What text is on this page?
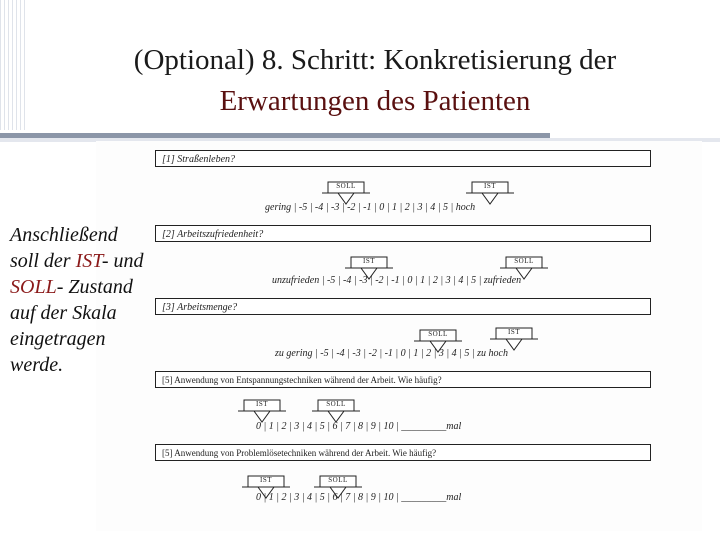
(Optional) 8. Schritt: Konkretisierung der
Erwartungen des Patienten
Anschließend soll der IST- und SOLL- Zustand auf der Skala eingetragen werde.
[1] Straßenleben?
SOLL	IST
gering | -5 | -4 | -3 | -2 | -1 | 0 | 1 | 2 | 3 | 4 | 5 | hoch
[2] Arbeitszufriedenheit?
IST	SOLL
unzufrieden | -5 | -4 | -3 | -2 | -1 | 0 | 1 | 2 | 3 | 4 | 5 | zufrieden
[3] Arbeitsmenge?
SOLL	IST
zu gering | -5 | -4 | -3 | -2 | -1 | 0 | 1 | 2 | 3 | 4 | 5 | zu hoch
[5] Anwendung von Entspannungstechniken während der Arbeit. Wie häufig?
IST	SOLL
0 | 1 | 2 | 3 | 4 | 5 | 6 | 7 | 8 | 9 | 10 | _________mal
[5] Anwendung von Problemlösetechniken während der Arbeit. Wie häufig?
IST	SOLL
0 | 1 | 2 | 3 | 4 | 5 | 6 | 7 | 8 | 9 | 10 | _________mal
